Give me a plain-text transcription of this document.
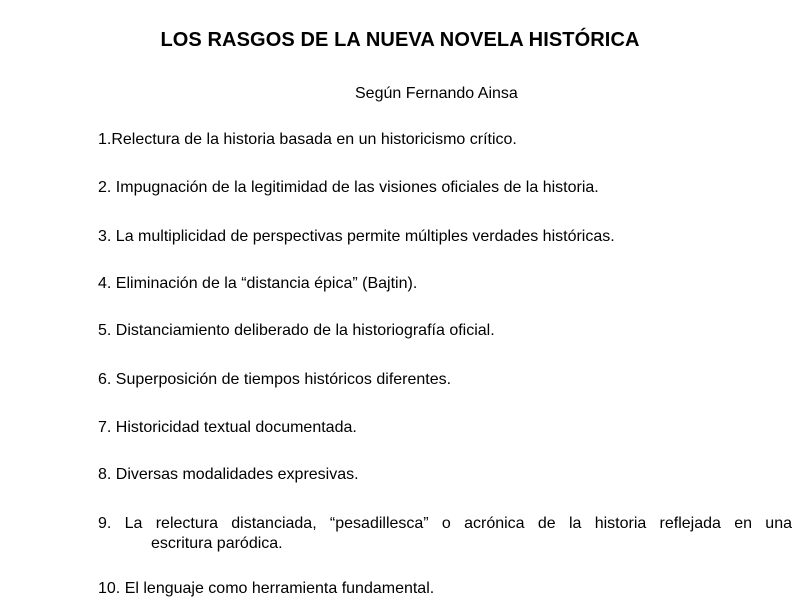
LOS RASGOS DE LA NUEVA NOVELA HISTÓRICA

Según Fernando Ainsa

1.Relectura de la historia basada en un historicismo crítico.

2. Impugnación de la legitimidad de las visiones oficiales de la historia.

3. La multiplicidad de perspectivas permite múltiples verdades históricas.

4. Eliminación de la “distancia épica” (Bajtin).

5. Distanciamiento deliberado de la historiografía oficial.

6. Superposición de tiempos históricos diferentes.

7. Historicidad textual documentada.

8. Diversas modalidades expresivas.

9. La relectura distanciada, “pesadillesca” o acrónica de la historia reflejada en una
escritura paródica.

10. El lenguaje como herramienta fundamental.
